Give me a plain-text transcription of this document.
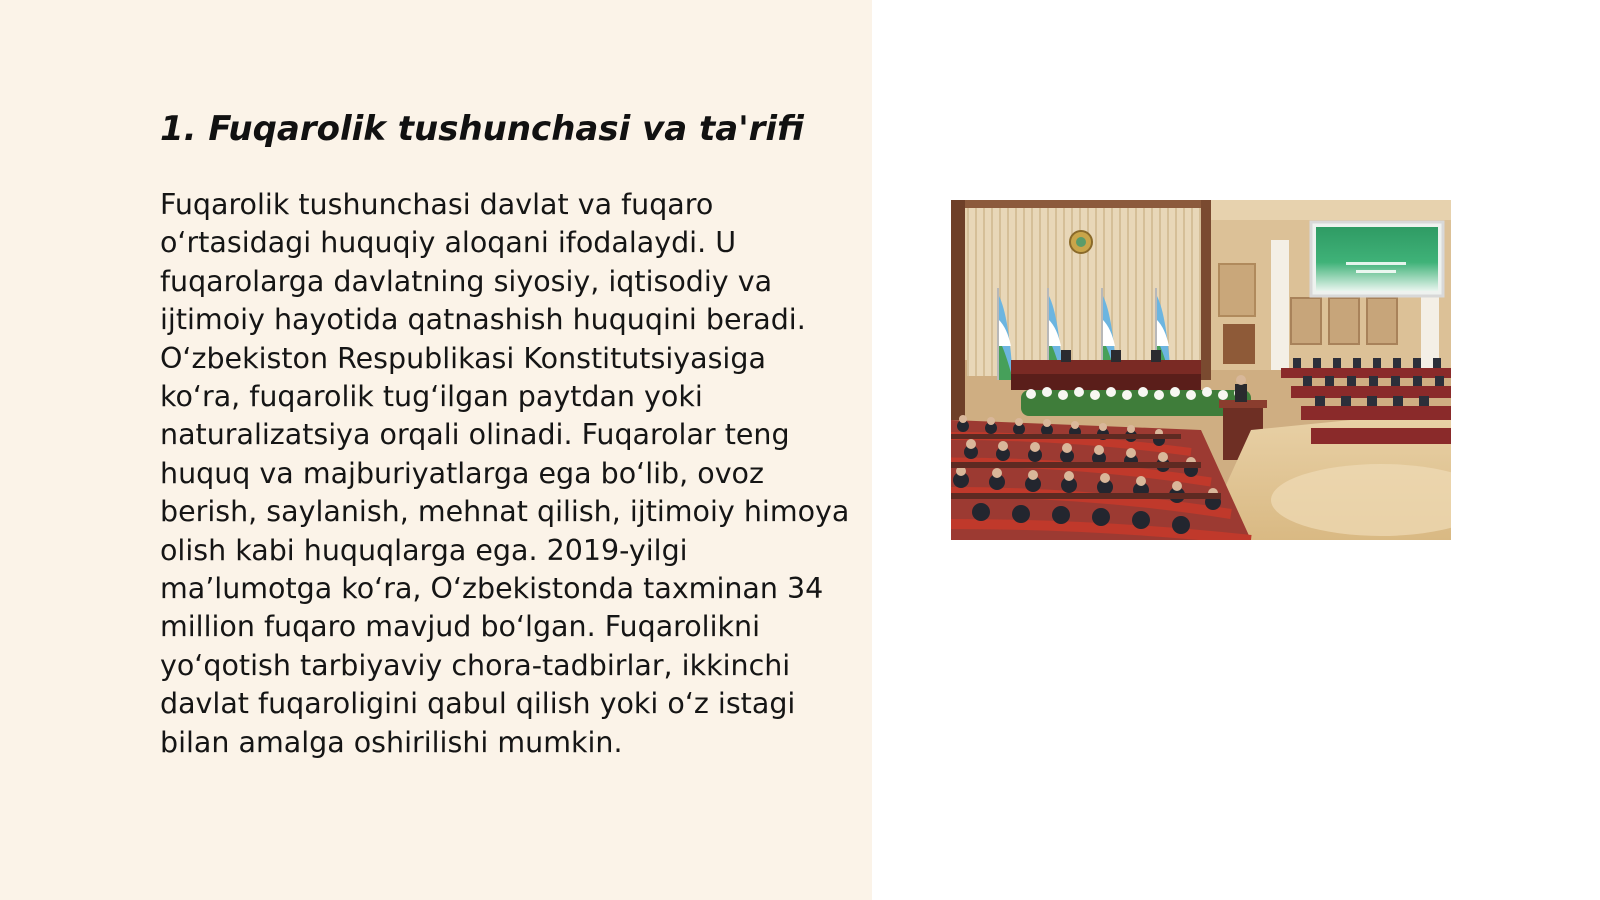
1. Fuqarolik tushunchasi va ta'rifi

Fuqarolik tushunchasi davlat va fuqaro o‘rtasidagi huquqiy aloqani ifodalaydi. U fuqarolarga davlatning siyosiy, iqtisodiy va ijtimoiy hayotida qatnashish huquqini beradi. O‘zbekiston Respublikasi Konstitutsiyasiga ko‘ra, fuqarolik tug‘ilgan paytdan yoki naturalizatsiya orqali olinadi. Fuqarolar teng huquq va majburiyatlarga ega bo‘lib, ovoz berish, saylanish, mehnat qilish, ijtimoiy himoya olish kabi huquqlarga ega. 2019-yilgi ma’lumotga ko‘ra, O‘zbekistonda taxminan 34 million fuqaro mavjud bo‘lgan. Fuqarolikni yo‘qotish tarbiyaviy chora-tadbirlar, ikkinchi davlat fuqaroligini qabul qilish yoki o‘z istagi bilan amalga oshirilishi mumkin.
